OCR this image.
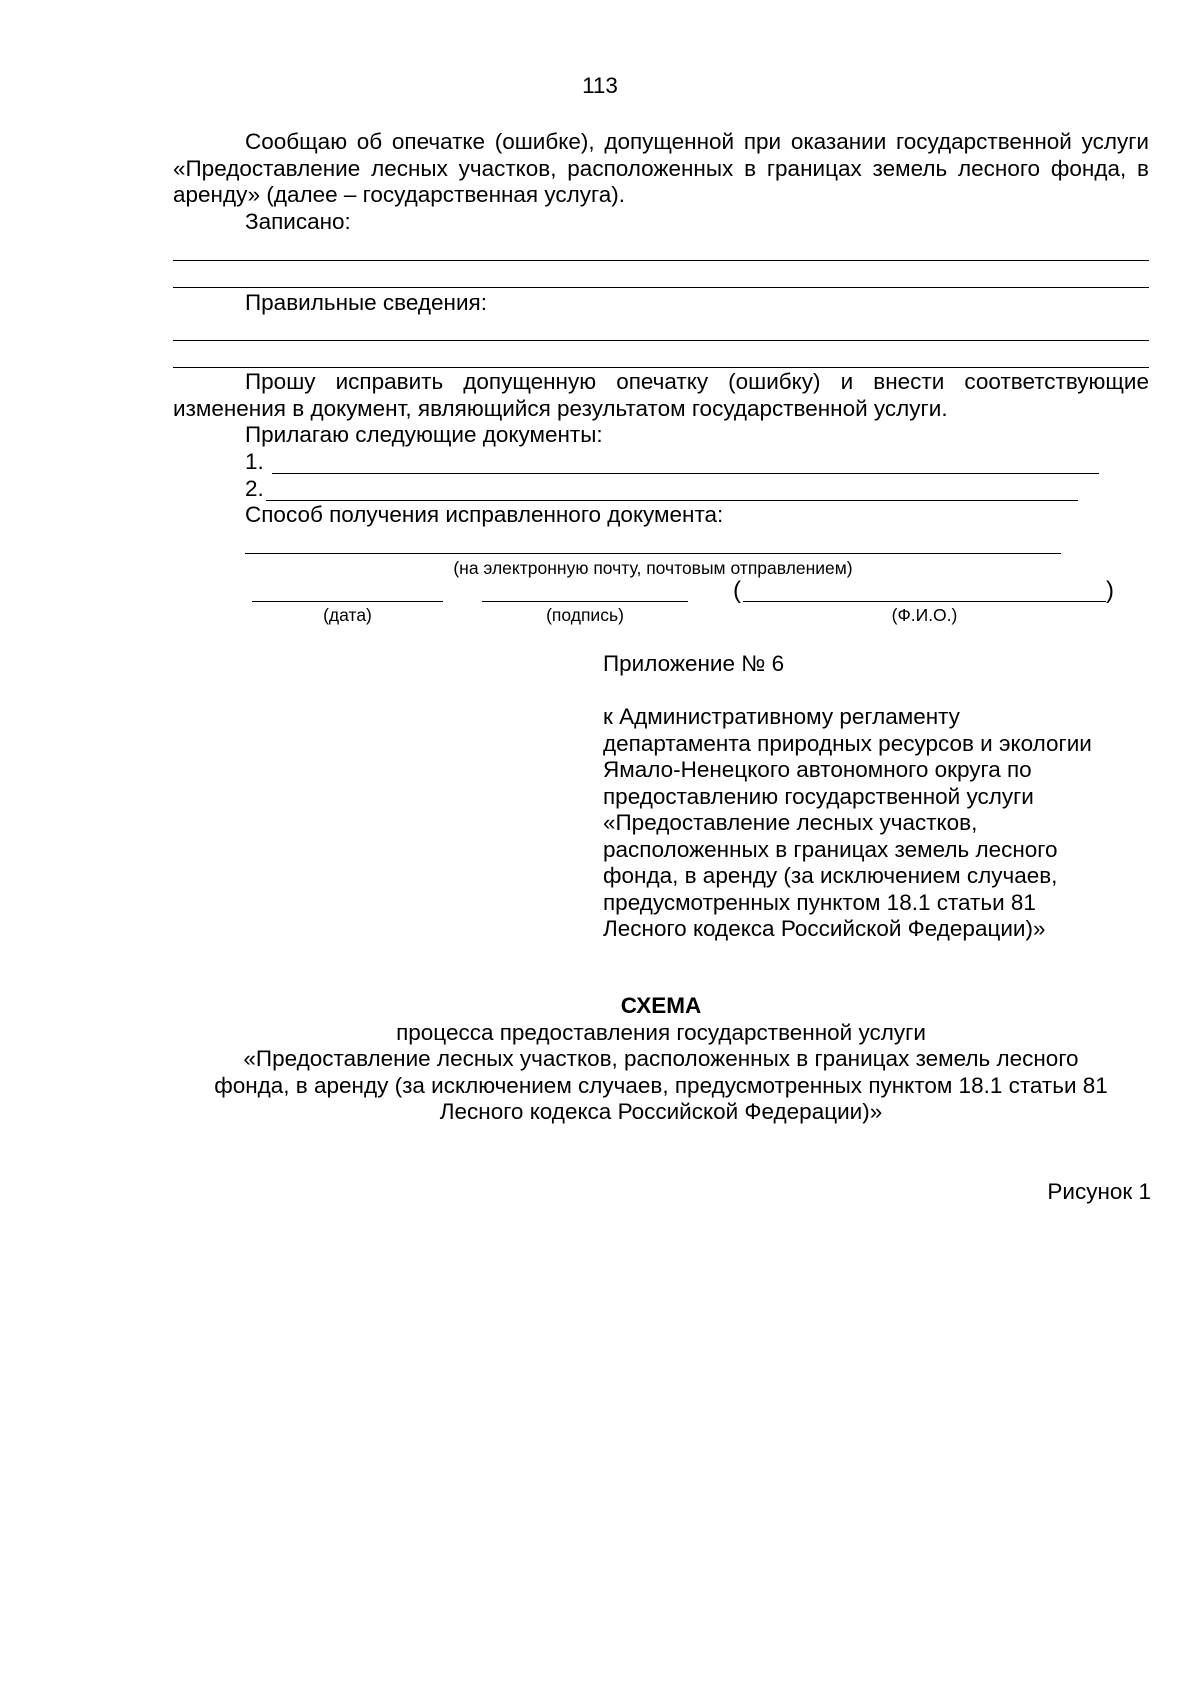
113
Сообщаю об опечатке (ошибке), допущенной при оказании государственной услуги «Предоставление лесных участков, расположенных в границах земель лесного фонда, в аренду» (далее – государственная услуга).
Записано:
Правильные сведения:
Прошу исправить допущенную опечатку (ошибку) и внести соответствующие изменения в документ, являющийся результатом государственной услуги.
Прилагаю следующие документы:
1.
2.
Способ получения исправленного документа:
(на электронную почту, почтовым отправлением)
(	)
(дата)	(подпись)	(Ф.И.О.)
Приложение № 6
к Административному регламенту
департамента природных ресурсов и экологии
Ямало-Ненецкого автономного округа по
предоставлению государственной услуги
«Предоставление лесных участков,
расположенных в границах земель лесного
фонда, в аренду (за исключением случаев,
предусмотренных пунктом 18.1 статьи 81
Лесного кодекса Российской Федерации)»
СХЕМА
процесса предоставления государственной услуги
«Предоставление лесных участков, расположенных в границах земель лесного
фонда, в аренду (за исключением случаев, предусмотренных пунктом 18.1 статьи 81
Лесного кодекса Российской Федерации)»
Рисунок 1
